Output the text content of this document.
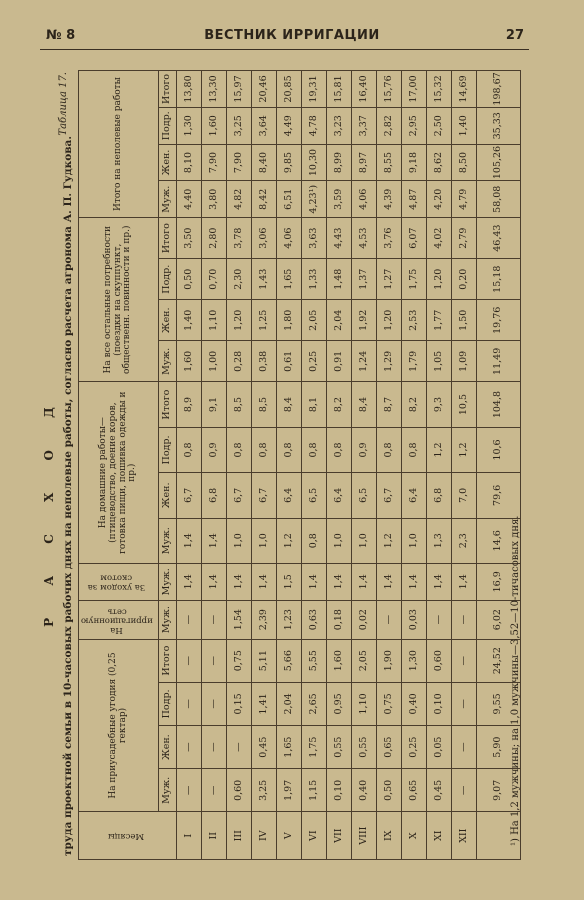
№ 8	ВЕСТНИК ИРРИГАЦИИ	27
Р А С Х О Д труда проектной семьи в 10-часовых рабочих днях на неполевые работы, согласно расчета агронома А. П. Гудкова.
Таблица 17.
Месяцы	На приусадебные угодия (0,25 гектар)				На ирригационную сеть	За уходом за скотом	На домашние работы— (птицеводство, доение коров, готовка пищи, пошивка одежды и пр.)				На все остальные потребности (поездки на скуппункт, общественн. повинности и пр.)				Итого на неполевые работы			
	Муж.	Жен.	Подр.	Итого	Муж.	Муж.	Муж.	Жен.	Подр.	Итого	Муж.	Жен.	Подр.	Итого	Муж.	Жен.	Подр.	Итого
I	—	—	—	—	—	1,4	1,4	6,7	0,8	8,9	1,60	1,40	0,50	3,50	4,40	8,10	1,30	13,80
II	—	—	—	—	—	1,4	1,4	6,8	0,9	9,1	1,00	1,10	0,70	2,80	3,80	7,90	1,60	13,30
III	0,60	—	0,15	0,75	1,54	1,4	1,0	6,7	0,8	8,5	0,28	1,20	2,30	3,78	4,82	7,90	3,25	15,97
IV	3,25	0,45	1,41	5,11	2,39	1,4	1,0	6,7	0,8	8,5	0,38	1,25	1,43	3,06	8,42	8,40	3,64	20,46
V	1,97	1,65	2,04	5,66	1,23	1,5	1,2	6,4	0,8	8,4	0,61	1,80	1,65	4,06	6,51	9,85	4,49	20,85
VI	1,15	1,75	2,65	5,55	0,63	1,4	0,8	6,5	0,8	8,1	0,25	2,05	1,33	3,63	4,23¹)	10,30	4,78	19,31
VII	0,10	0,55	0,95	1,60	0,18	1,4	1,0	6,4	0,8	8,2	0,91	2,04	1,48	4,43	3,59	8,99	3,23	15,81
VIII	0,40	0,55	1,10	2,05	0,02	1,4	1,0	6,5	0,9	8,4	1,24	1,92	1,37	4,53	4,06	8,97	3,37	16,40
IX	0,50	0,65	0,75	1,90	—	1,4	1,2	6,7	0,8	8,7	1,29	1,20	1,27	3,76	4,39	8,55	2,82	15,76
X	0,65	0,25	0,40	1,30	0,03	1,4	1,0	6,4	0,8	8,2	1,79	2,53	1,75	6,07	4,87	9,18	2,95	17,00
XI	0,45	0,05	0,10	0,60	—	1,4	1,3	6,8	1,2	9,3	1,05	1,77	1,20	4,02	4,20	8,62	2,50	15,32
XII	—	—	—	—	—	1,4	2,3	7,0	1,2	10,5	1,09	1,50	0,20	2,79	4,79	8,50	1,40	14,69
	9,07	5,90	9,55	24,52	6,02	16,9	14,6	79,6	10,6	104,8	11,49	19,76	15,18	46,43	58,08	105,26	35,33	198,67
¹) На 1,2 мужчины; на 1,0 мужчины—3,52—10-тичасовых дня.
